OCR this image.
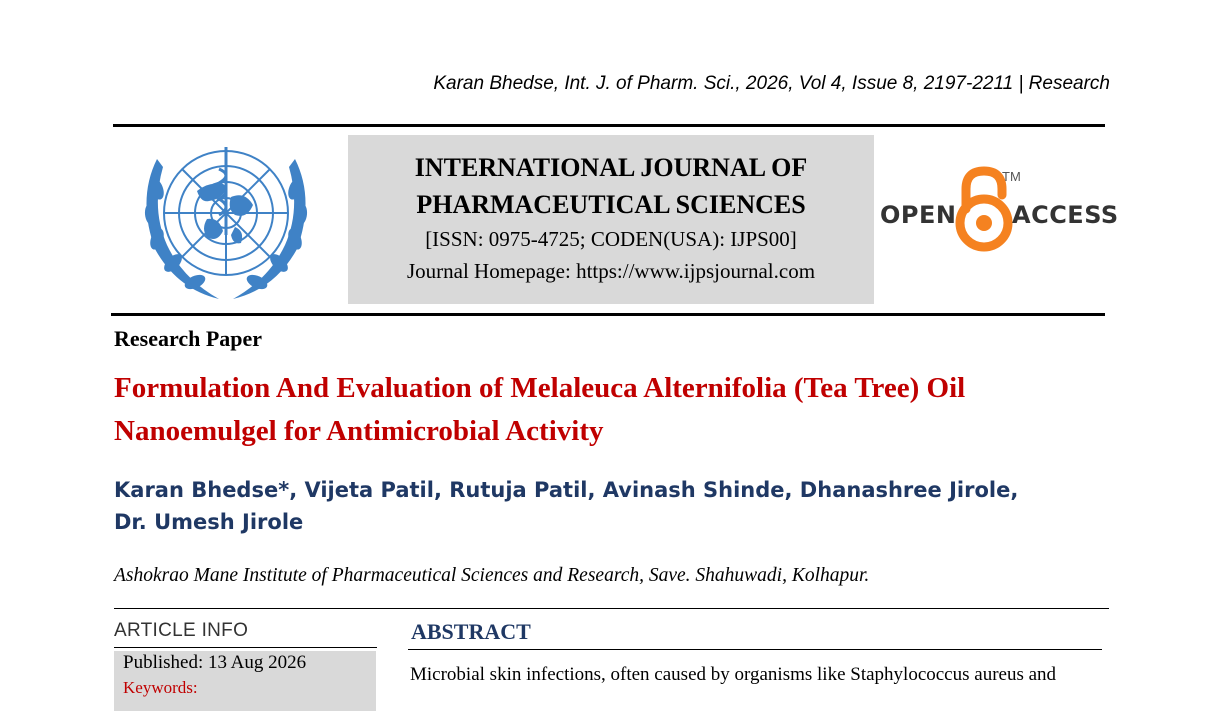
Karan Bhedse, Int. J. of Pharm. Sci., 2026, Vol 4, Issue 8, 2197-2211 | Research
INTERNATIONAL JOURNAL OF
PHARMACEUTICAL SCIENCES
[ISSN: 0975-4725; CODEN(USA): IJPS00]
Journal Homepage: https://www.ijpsjournal.com
OPEN ACCESS
TM
Research Paper
Formulation And Evaluation of Melaleuca Alternifolia (Tea Tree) Oil Nanoemulgel for Antimicrobial Activity
Karan Bhedse*, Vijeta Patil, Rutuja Patil, Avinash Shinde, Dhanashree Jirole,
Dr. Umesh Jirole
Ashokrao Mane Institute of Pharmaceutical Sciences and Research, Save. Shahuwadi, Kolhapur.
ARTICLE INFO	ABSTRACT
Published: 13 Aug 2026
Keywords:
Microbial skin infections, often caused by organisms like Staphylococcus aureus and
